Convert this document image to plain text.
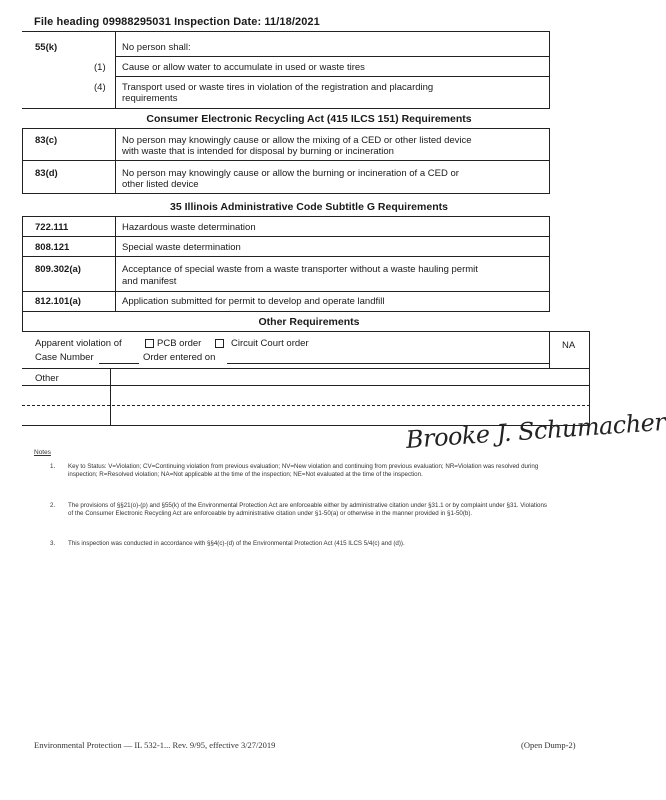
File heading 09988295031 Inspection Date: 11/18/2021
55(k)	No person shall:
(1) Cause or allow water to accumulate in used or waste tires
(4) Transport used or waste tires in violation of the registration and placarding
requirements
Consumer Electronic Recycling Act (415 ILCS 151) Requirements
83(c)	No person may knowingly cause or allow the mixing of a CED or other listed device
with waste that is intended for disposal by burning or incineration
83(d)	No person may knowingly cause or allow the burning or incineration of a CED or
other listed device
35 Illinois Administrative Code Subtitle G Requirements
722.111	Hazardous waste determination
808.121	Special waste determination
809.302(a)	Acceptance of special waste from a waste transporter without a waste hauling permit
and manifest
812.101(a)	Application submitted for permit to develop and operate landfill
Other Requirements
Apparent violation of	PCB order	Circuit Court order	NA
Case Number	Order entered on
Other
Brooke J. Schumacher
Notes
1.	Key to Status: V=Violation; CV=Continuing violation from previous evaluation; NV=New violation and continuing from previous evaluation; NR=Violation was resolved during inspection; R=Resolved violation; NA=Not applicable at the time of the inspection; NE=Not evaluated at the time of the inspection.
2.	The provisions of §§21(o)-(p) and §55(k) of the Environmental Protection Act are enforceable either by administrative citation under §31.1 or by complaint under §31. Violations of the Consumer Electronic Recycling Act are enforceable by administrative citation under §1-50(a) or otherwise in the manner provided in §1-50(b).
3.	This inspection was conducted in accordance with §§4(c)-(d) of the Environmental Protection Act (415 ILCS 5/4(c) and (d)).
Environmental Protection — IL 532-1... Rev. 9/95, effective 3/27/2019	(Open Dump-2)
